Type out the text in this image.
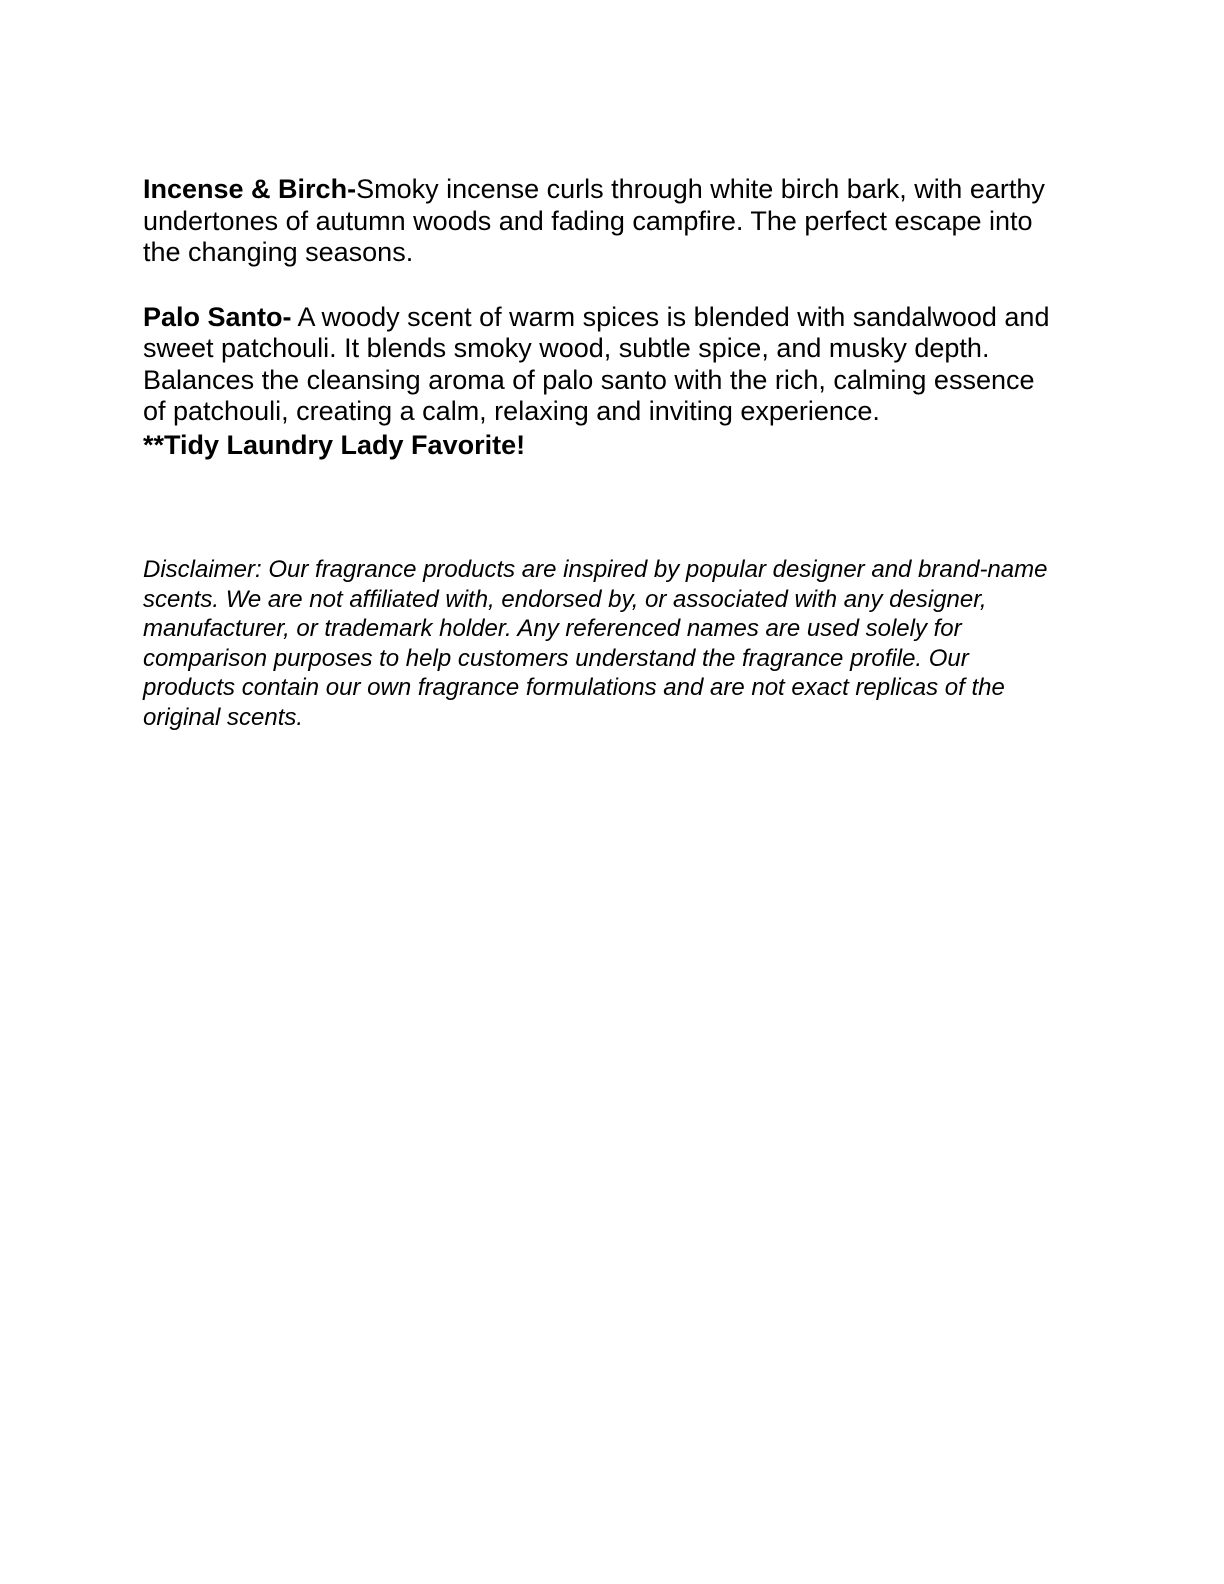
Incense & Birch-Smoky incense curls through white birch bark, with earthy undertones of autumn woods and fading campfire. The perfect escape into the changing seasons.

Palo Santo- A woody scent of warm spices is blended with sandalwood and sweet patchouli. It blends smoky wood, subtle spice, and musky depth. Balances the cleansing aroma of palo santo with the rich, calming essence of patchouli, creating a calm, relaxing and inviting experience.

**Tidy Laundry Lady Favorite!

Disclaimer: Our fragrance products are inspired by popular designer and brand-name scents. We are not affiliated with, endorsed by, or associated with any designer, manufacturer, or trademark holder. Any referenced names are used solely for comparison purposes to help customers understand the fragrance profile. Our products contain our own fragrance formulations and are not exact replicas of the original scents.
